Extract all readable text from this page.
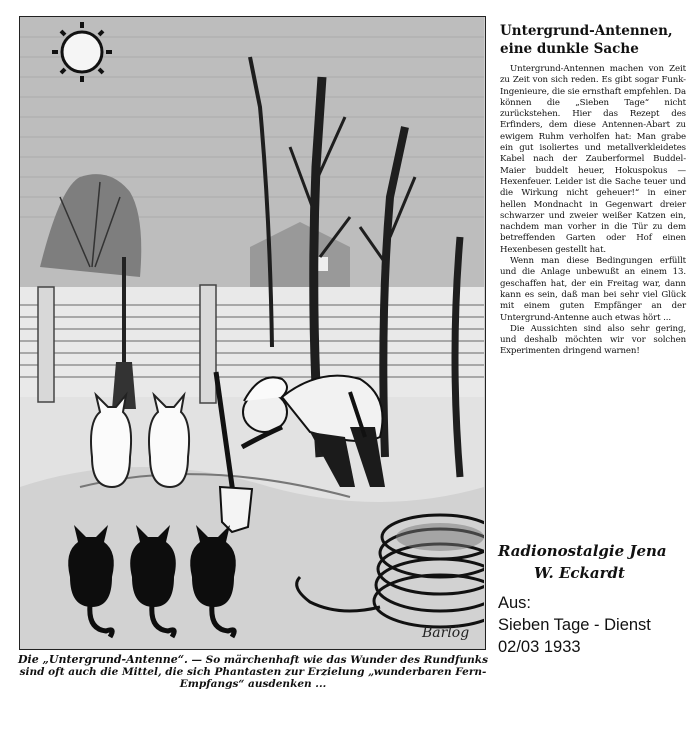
Barlög
Die „Untergrund-Antenne“. — So märchenhaft wie das Wunder des Rundfunks sind oft auch die Mittel, die sich Phantasten zur Erzielung „wunderbaren Fern-Empfangs“ ausdenken ...
Untergrund-Antennen,
eine dunkle Sache

Untergrund-Antennen machen von Zeit zu Zeit von sich reden. Es gibt sogar Funk-Ingenieure, die sie ernsthaft empfehlen. Da können die „Sieben Tage“ nicht zurückstehen. Hier das Rezept des Erfinders, dem diese Antennen-Abart zu ewigem Ruhm verholfen hat: Man grabe ein gut isoliertes und metallverkleidetes Kabel nach der Zauberformel Buddel-Maier buddelt heuer, Hokuspokus — Hexenfeuer. Leider ist die Sache teuer und die Wirkung nicht geheuer!“ in einer hellen Mondnacht in Gegenwart dreier schwarzer und zweier weißer Katzen ein, nachdem man vorher in die Tür zu dem betreffenden Garten oder Hof einen Hexenbesen gestellt hat.

Wenn man diese Bedingungen erfüllt und die Anlage unbewußt an einem 13. geschaffen hat, der ein Freitag war, dann kann es sein, daß man bei sehr viel Glück mit einem guten Empfänger an der Untergrund-Antenne auch etwas hört ...

Die Aussichten sind also sehr gering, und deshalb möchten wir vor solchen Experimenten dringend warnen!

Radionostalgie Jena
W. Eckardt
Aus:
Sieben Tage - Dienst
02/03 1933
